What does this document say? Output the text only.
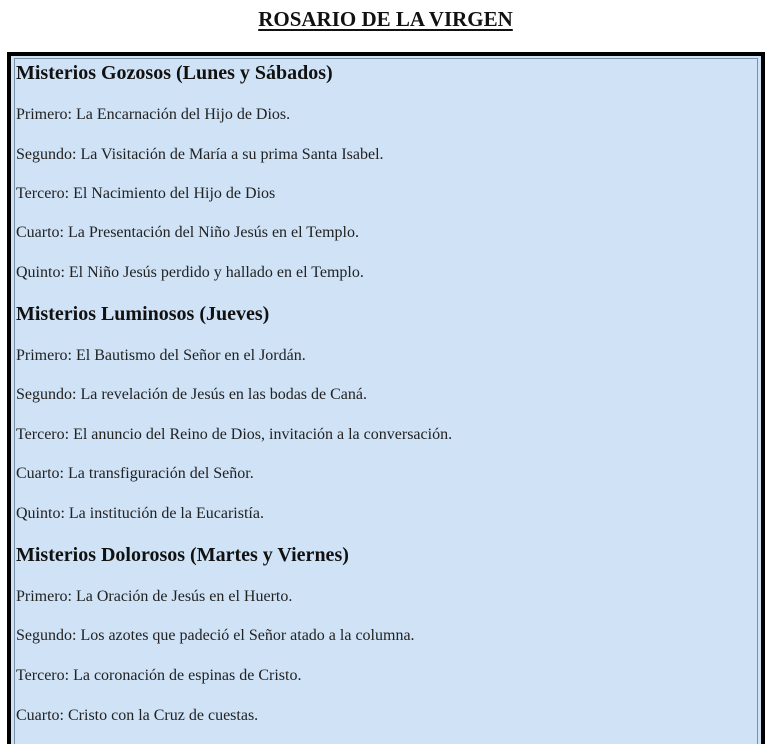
ROSARIO DE LA VIRGEN
Misterios Gozosos (Lunes y Sábados)
Primero: La Encarnación del Hijo de Dios.
Segundo: La Visitación de María a su prima Santa Isabel.
Tercero: El Nacimiento del Hijo de Dios
Cuarto: La Presentación del Niño Jesús en el Templo.
Quinto: El Niño Jesús perdido y hallado en el Templo.
Misterios Luminosos (Jueves)
Primero: El Bautismo del Señor en el Jordán.
Segundo: La revelación de Jesús en las bodas de Caná.
Tercero: El anuncio del Reino de Dios, invitación a la conversación.
Cuarto: La transfiguración del Señor.
Quinto: La institución de la Eucaristía.
Misterios Dolorosos (Martes y Viernes)
Primero: La Oración de Jesús en el Huerto.
Segundo: Los azotes que padeció el Señor atado a la columna.
Tercero: La coronación de espinas de Cristo.
Cuarto: Cristo con la Cruz de cuestas.
